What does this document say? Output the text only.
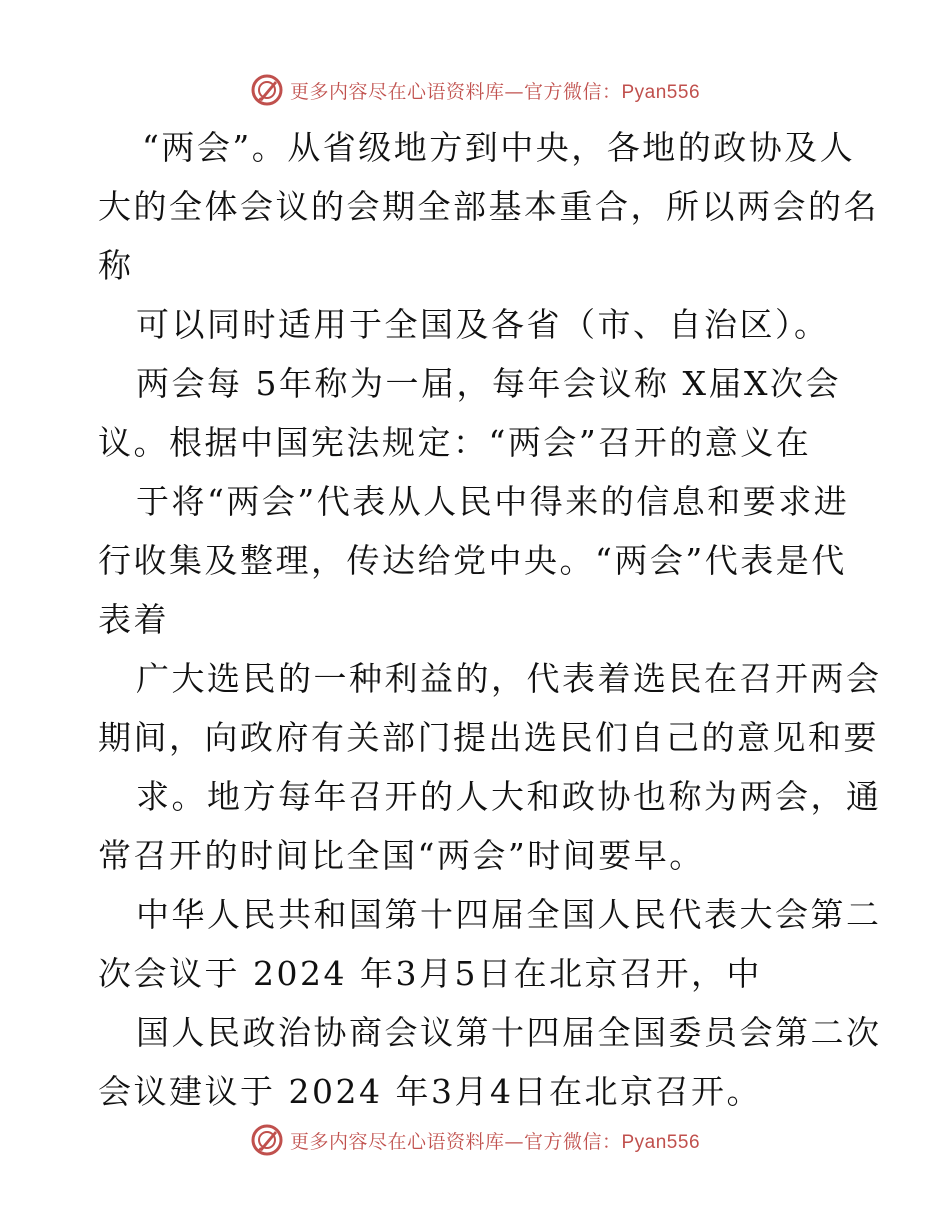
更多内容尽在心语资料库—官方微信：Pyan556
“两会”。从省级地方到中央，各地的政协及人
大的全体会议的会期全部基本重合，所以两会的名
称
可以同时适用于全国及各省（市、自治区）。
两会每 5年称为一届，每年会议称 X届X次会
议。根据中国宪法规定：“两会”召开的意义在
于将“两会”代表从人民中得来的信息和要求进
行收集及整理，传达给党中央。“两会”代表是代
表着
广大选民的一种利益的，代表着选民在召开两会
期间，向政府有关部门提出选民们自己的意见和要
求。地方每年召开的人大和政协也称为两会，通
常召开的时间比全国“两会”时间要早。
中华人民共和国第十四届全国人民代表大会第二
次会议于 2024 年3月5日在北京召开，中
国人民政治协商会议第十四届全国委员会第二次
会议建议于 2024 年3月4日在北京召开。
更多内容尽在心语资料库—官方微信：Pyan556
